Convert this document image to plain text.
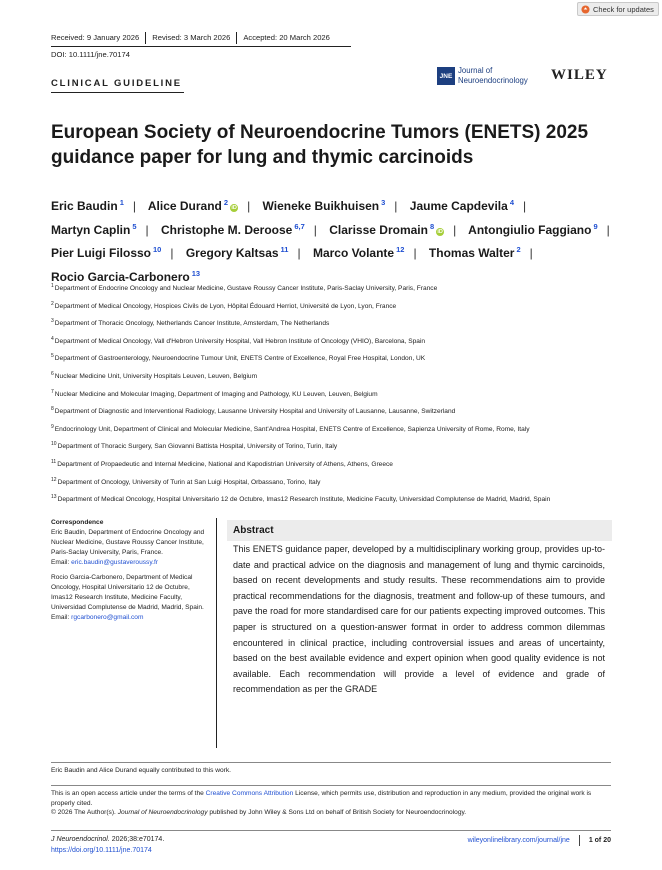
Check for updates
Received: 9 January 2026	Revised: 3 March 2026	Accepted: 20 March 2026
DOI: 10.1111/jne.70174
CLINICAL GUIDELINE
JNE
Journal of
Neuroendocrinology WILEY
European Society of Neuroendocrine Tumors (ENETS) 2025 guidance paper for lung and thymic carcinoids
Eric Baudin $^1$ | Alice Durand $^2$iD | Wieneke Buikhuisen $^3$ | Jaume Capdevila $^4$ | Martyn Caplin $^5$ | Christophe M. Deroose $^{6,7}$ | Clarisse Dromain $^8$iD | Antongiulio Faggiano $^9$ | Pier Luigi Filosso $^{10}$ | Gregory Kaltsas $^{11}$ | Marco Volante $^{12}$ | Thomas Walter $^2$ | Rocio Garcia-Carbonero $^{13}$
$^1$Department of Endocrine Oncology and Nuclear Medicine, Gustave Roussy Cancer Institute, Paris-Saclay University, Paris, France
$^2$Department of Medical Oncology, Hospices Civils de Lyon, Hôpital Édouard Herriot, Université de Lyon, Lyon, France
$^3$Department of Thoracic Oncology, Netherlands Cancer Institute, Amsterdam, The Netherlands
$^4$Department of Medical Oncology, Vall d'Hebron University Hospital, Vall Hebron Institute of Oncology (VHIO), Barcelona, Spain
$^5$Department of Gastroenterology, Neuroendocrine Tumour Unit, ENETS Centre of Excellence, Royal Free Hospital, London, UK
$^6$Nuclear Medicine Unit, University Hospitals Leuven, Leuven, Belgium
$^7$Nuclear Medicine and Molecular Imaging, Department of Imaging and Pathology, KU Leuven, Leuven, Belgium
$^8$Department of Diagnostic and Interventional Radiology, Lausanne University Hospital and University of Lausanne, Lausanne, Switzerland
$^9$Endocrinology Unit, Department of Clinical and Molecular Medicine, Sant'Andrea Hospital, ENETS Centre of Excellence, Sapienza University of Rome, Rome, Italy
$^{10}$Department of Thoracic Surgery, San Giovanni Battista Hospital, University of Torino, Turin, Italy
$^{11}$Department of Propaedeutic and Internal Medicine, National and Kapodistrian University of Athens, Athens, Greece
$^{12}$Department of Oncology, University of Turin at San Luigi Hospital, Orbassano, Torino, Italy
$^{13}$Department of Medical Oncology, Hospital Universitario 12 de Octubre, Imas12 Research Institute, Medicine Faculty, Universidad Complutense de Madrid, Madrid, Spain
Correspondence
Eric Baudin, Department of Endocrine Oncology and Nuclear Medicine, Gustave Roussy Cancer Institute, Paris-Saclay University, Paris, France.
Email: eric.baudin@gustaveroussy.fr
Rocio Garcia-Carbonero, Department of Medical Oncology, Hospital Universitario 12 de Octubre, Imas12 Research Institute, Medicine Faculty, Universidad Complutense de Madrid, Madrid, Spain.
Email: rgcarbonero@gmail.com
Abstract
This ENETS guidance paper, developed by a multidisciplinary working group, provides up-to-date and practical advice on the diagnosis and management of lung and thymic carcinoids, based on recent developments and study results. These recommendations aim to provide practical recommendations for the diagnosis, treatment and follow-up of these tumours, and pave the road for more standardised care for our patients expecting improved outcomes. This paper is structured on a question-answer format in order to address common dilemmas encountered in clinical practice, including controversial issues and areas of uncertainty, based on the best available evidence and expert opinion when good quality evidence is not available. Each recommendation will provide a level of evidence and grade of recommendation as per the GRADE
Eric Baudin and Alice Durand equally contributed to this work.
This is an open access article under the terms of the Creative Commons Attribution License, which permits use, distribution and reproduction in any medium, provided the original work is properly cited.
© 2026 The Author(s). Journal of Neuroendocrinology published by John Wiley & Sons Ltd on behalf of British Society for Neuroendocrinology.
J Neuroendocrinol. 2026;38:e70174.
https://doi.org/10.1111/jne.70174
wileyonlinelibrary.com/journal/jne	1 of 20
